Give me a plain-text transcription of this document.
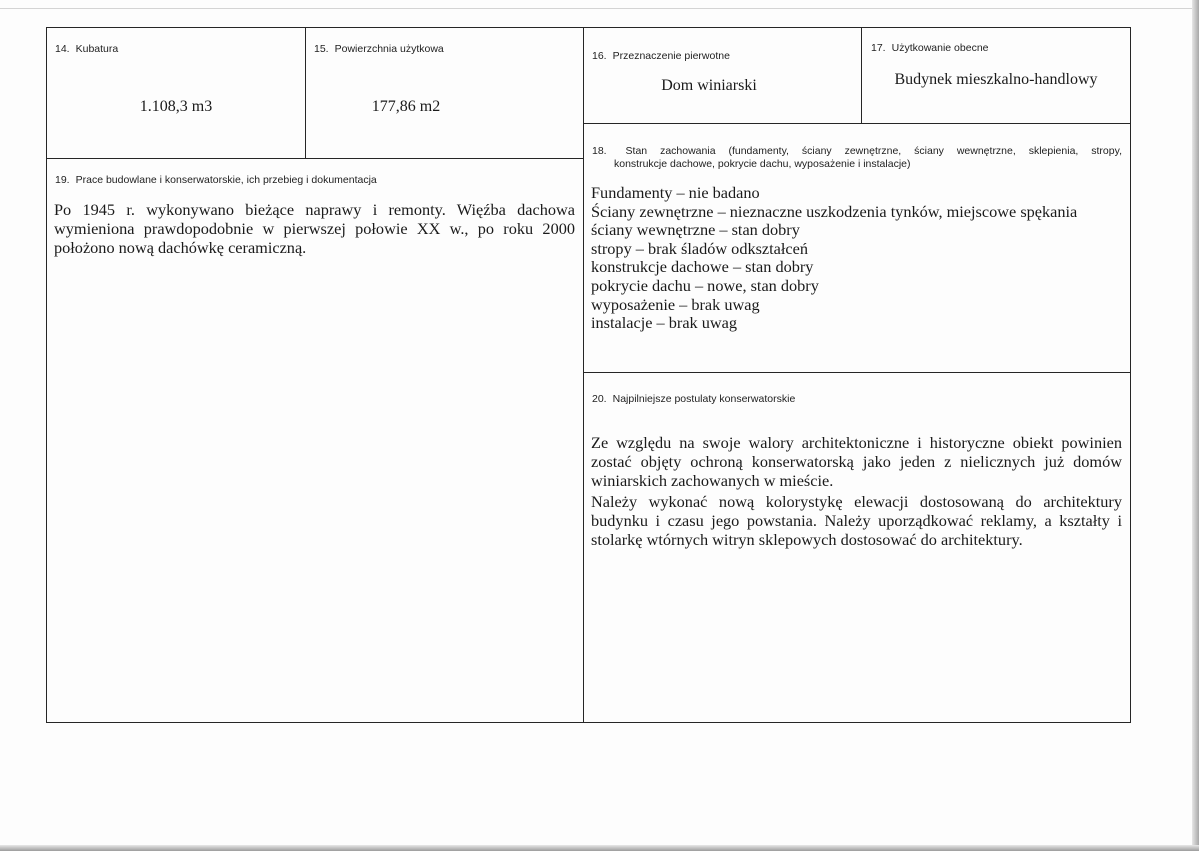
14. Kubatura

1.108,3 m3

15. Powierzchnia użytkowa

177,86 m2

16. Przeznaczenie pierwotne

Dom winiarski

17. Użytkowanie obecne

Budynek mieszkalno-handlowy

18. Stan zachowania (fundamenty, ściany zewnętrzne, ściany wewnętrzne, sklepienia, stropy,

konstrukcje dachowe, pokrycie dachu, wyposażenie i instalacje)

Fundamenty – nie badano
Ściany zewnętrzne – nieznaczne uszkodzenia tynków, miejscowe spękania
ściany wewnętrzne – stan dobry
stropy – brak śladów odkształceń
konstrukcje dachowe – stan dobry
pokrycie dachu – nowe, stan dobry
wyposażenie – brak uwag
instalacje – brak uwag

19. Prace budowlane i konserwatorskie, ich przebieg i dokumentacja

Po 1945 r. wykonywano bieżące naprawy i remonty. Więźba dachowa wymieniona prawdopodobnie w pierwszej połowie XX w., po roku 2000 położono nową dachówkę ceramiczną.

20. Najpilniejsze postulaty konserwatorskie

Ze względu na swoje walory architektoniczne i historyczne obiekt powinien zostać objęty ochroną konserwatorską jako jeden z nielicznych już domów winiarskich zachowanych w mieście.

Należy wykonać nową kolorystykę elewacji dostosowaną do architektury budynku i czasu jego powstania. Należy uporządkować reklamy, a kształty i stolarkę wtórnych witryn sklepowych dostosować do architektury.
